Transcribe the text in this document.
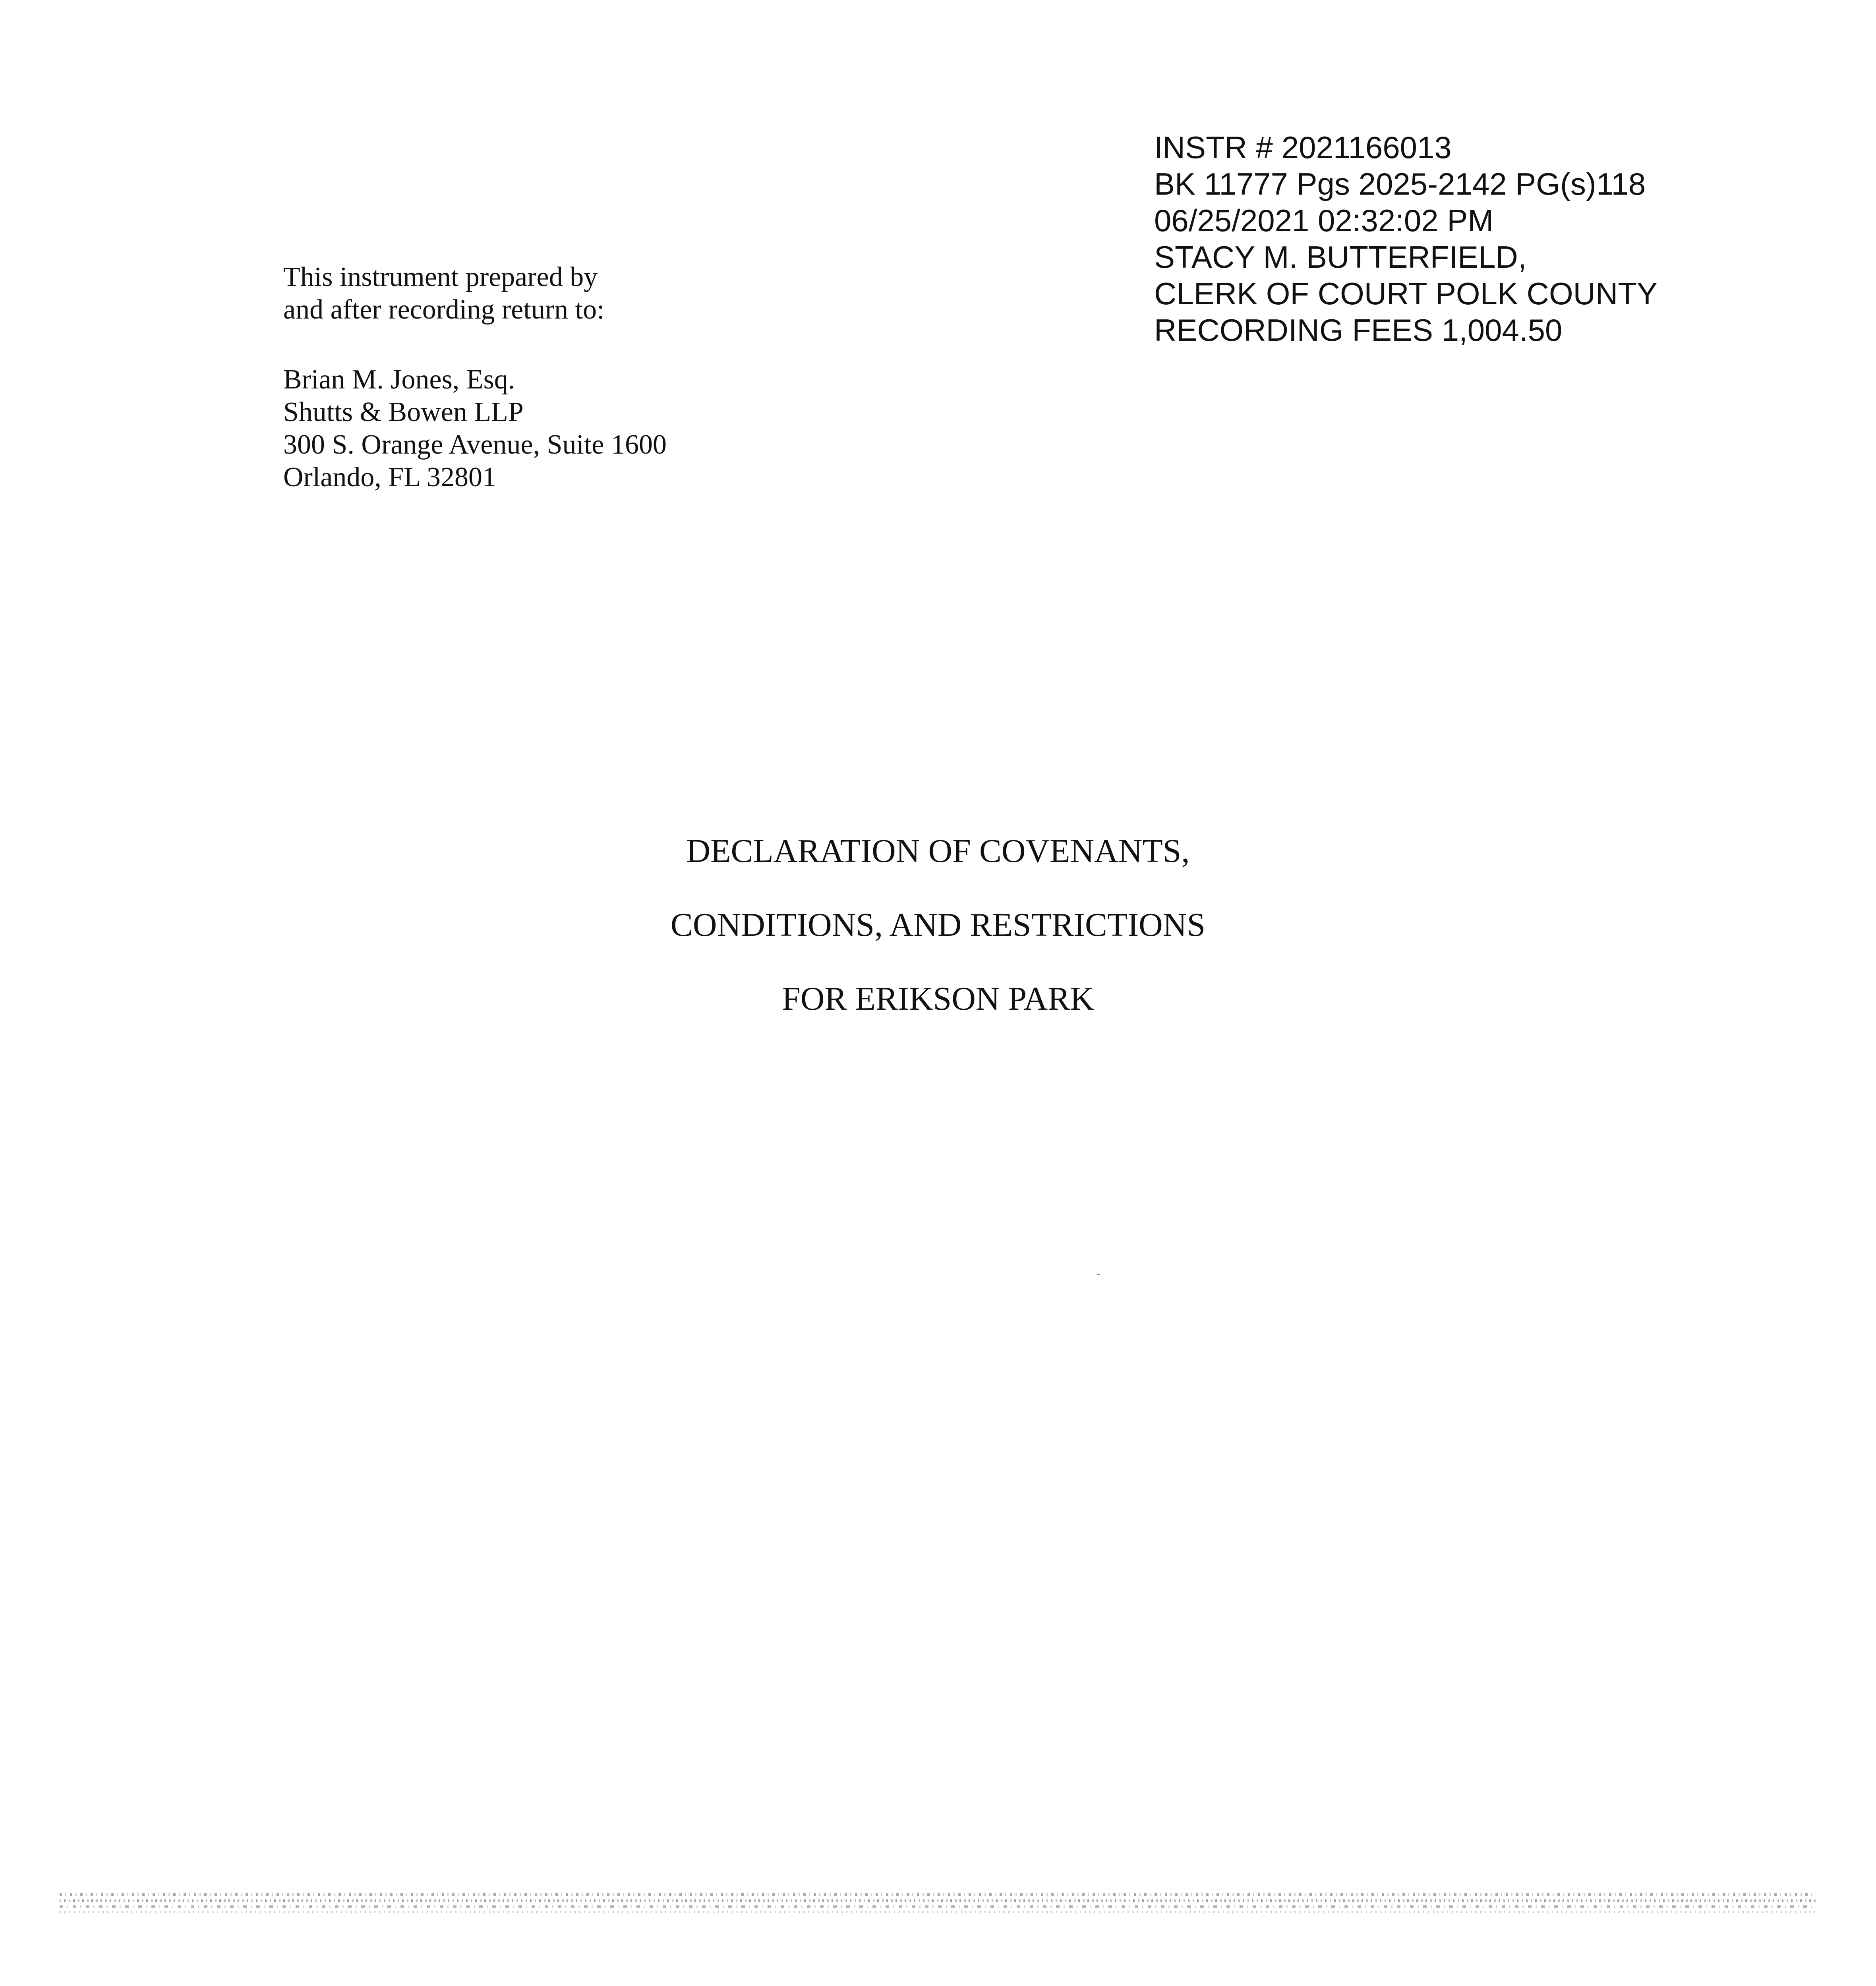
INSTR # 2021166013
BK 11777 Pgs 2025-2142 PG(s)118
06/25/2021 02:32:02 PM
STACY M. BUTTERFIELD,
CLERK OF COURT POLK COUNTY
RECORDING FEES 1,004.50
This instrument prepared by
and after recording return to:
Brian M. Jones, Esq.
Shutts & Bowen LLP
300 S. Orange Avenue, Suite 1600
Orlando, FL 32801
DECLARATION OF COVENANTS,
CONDITIONS, AND RESTRICTIONS
FOR ERIKSON PARK
